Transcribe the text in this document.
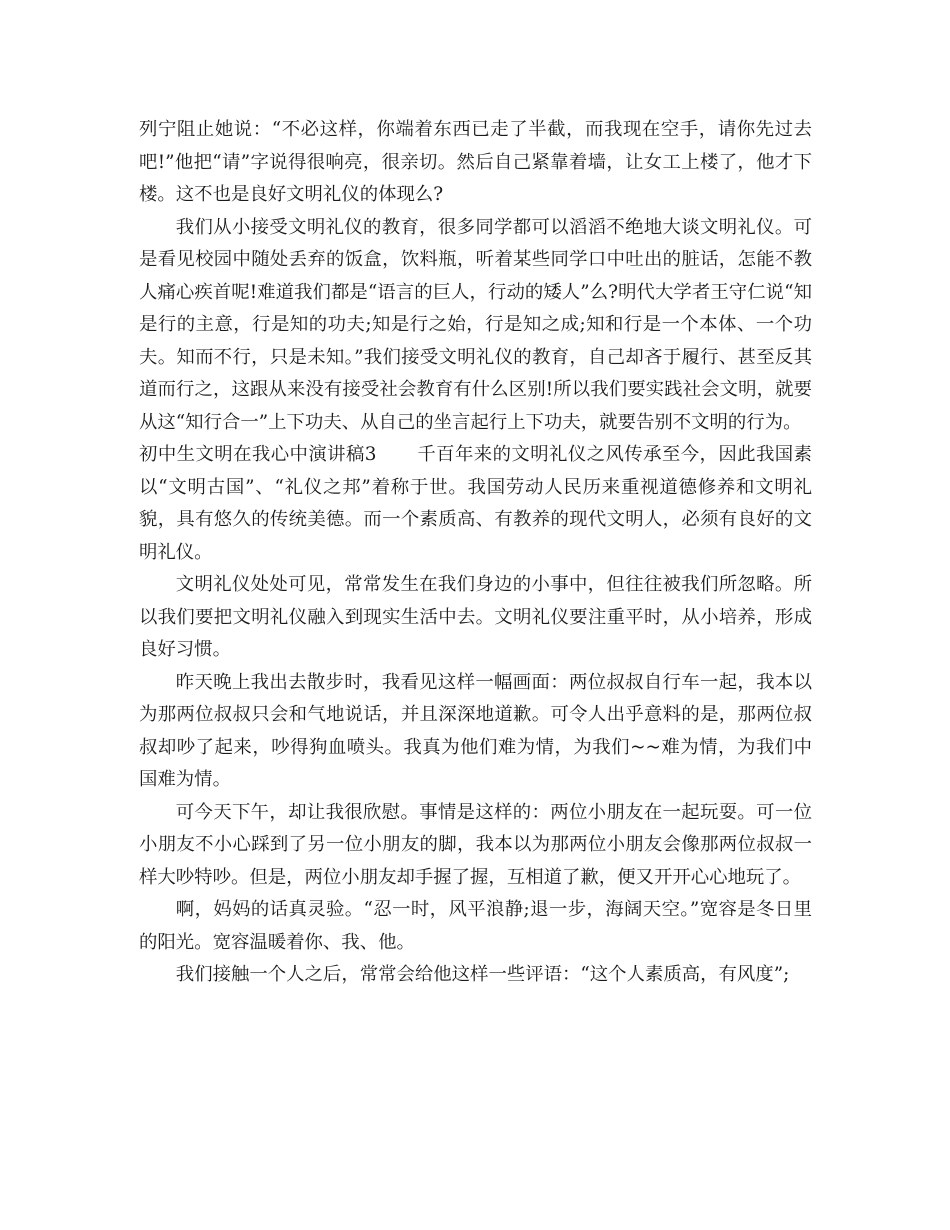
列宁阻止她说：“不必这样，你端着东西已走了半截，而我现在空手，请你先过去吧!”他把“请”字说得很响亮，很亲切。然后自己紧靠着墙，让女工上楼了，他才下楼。这不也是良好文明礼仪的体现么?

我们从小接受文明礼仪的教育，很多同学都可以滔滔不绝地大谈文明礼仪。可是看见校园中随处丢弃的饭盒，饮料瓶，听着某些同学口中吐出的脏话，怎能不教人痛心疾首呢!难道我们都是“语言的巨人，行动的矮人”么?明代大学者王守仁说“知是行的主意，行是知的功夫;知是行之始，行是知之成;知和行是一个本体、一个功夫。知而不行，只是未知。”我们接受文明礼仪的教育，自己却吝于履行、甚至反其道而行之，这跟从来没有接受社会教育有什么区别!所以我们要实践社会文明，就要从这“知行合一”上下功夫、从自己的坐言起行上下功夫，就要告别不文明的行为。

初中生文明在我心中演讲稿3 千百年来的文明礼仪之风传承至今，因此我国素以“文明古国”、“礼仪之邦”着称于世。我国劳动人民历来重视道德修养和文明礼貌，具有悠久的传统美德。而一个素质高、有教养的现代文明人，必须有良好的文明礼仪。

文明礼仪处处可见，常常发生在我们身边的小事中，但往往被我们所忽略。所以我们要把文明礼仪融入到现实生活中去。文明礼仪要注重平时，从小培养，形成良好习惯。

昨天晚上我出去散步时，我看见这样一幅画面：两位叔叔自行车一起，我本以为那两位叔叔只会和气地说话，并且深深地道歉。可令人出乎意料的是，那两位叔叔却吵了起来，吵得狗血喷头。我真为他们难为情，为我们~~难为情，为我们中国难为情。

可今天下午，却让我很欣慰。事情是这样的：两位小朋友在一起玩耍。可一位小朋友不小心踩到了另一位小朋友的脚，我本以为那两位小朋友会像那两位叔叔一样大吵特吵。但是，两位小朋友却手握了握，互相道了歉，便又开开心心地玩了。

啊，妈妈的话真灵验。“忍一时，风平浪静;退一步，海阔天空。”宽容是冬日里的阳光。宽容温暖着你、我、他。

我们接触一个人之后，常常会给他这样一些评语：“这个人素质高，有风度”;
